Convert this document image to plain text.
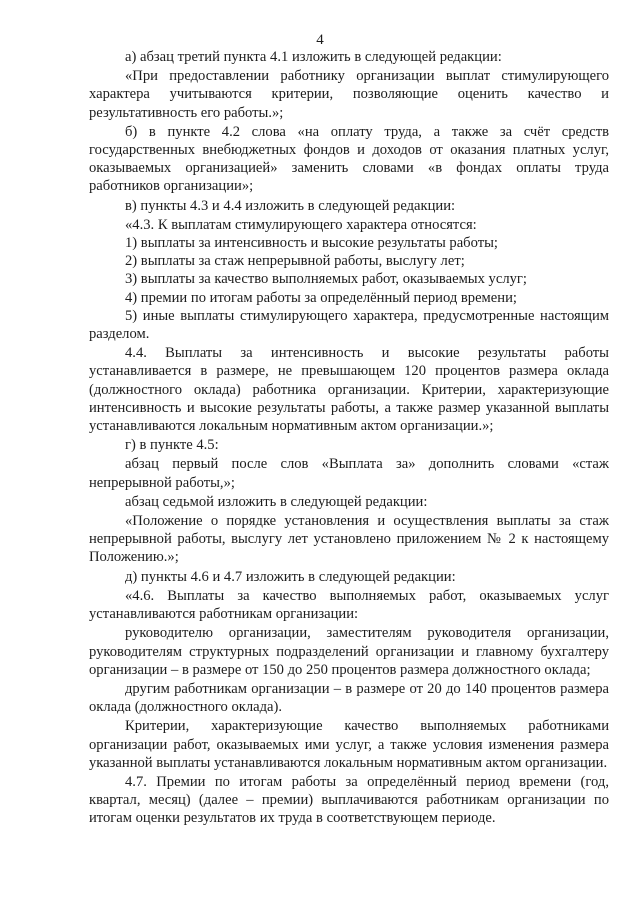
4

а) абзац третий пункта 4.1 изложить в следующей редакции:

«При предоставлении работнику организации выплат стимулирующего характера учитываются критерии, позволяющие оценить качество и результативность его работы.»;

б) в пункте 4.2 слова «на оплату труда, а также за счёт средств государственных внебюджетных фондов и доходов от оказания платных услуг, оказываемых организацией» заменить словами «в фондах оплаты труда работников организации»;

в) пункты 4.3 и 4.4 изложить в следующей редакции:

«4.3. К выплатам стимулирующего характера относятся:

1) выплаты за интенсивность и высокие результаты работы;

2) выплаты за стаж непрерывной работы, выслугу лет;

3) выплаты за качество выполняемых работ, оказываемых услуг;

4) премии по итогам работы за определённый период времени;

5) иные выплаты стимулирующего характера, предусмотренные настоящим разделом.

4.4. Выплаты за интенсивность и высокие результаты работы устанавливается в размере, не превышающем 120 процентов размера оклада (должностного оклада) работника организации. Критерии, характеризующие интенсивность и высокие результаты работы, а также размер указанной выплаты устанавливаются локальным нормативным актом организации.»;

г) в пункте 4.5:

абзац первый после слов «Выплата за» дополнить словами «стаж непрерывной работы,»;

абзац седьмой изложить в следующей редакции:

«Положение о порядке установления и осуществления выплаты за стаж непрерывной работы, выслугу лет установлено приложением № 2 к настоящему Положению.»;

д) пункты 4.6 и 4.7 изложить в следующей редакции:

«4.6. Выплаты за качество выполняемых работ, оказываемых услуг устанавливаются работникам организации:

руководителю организации, заместителям руководителя организации, руководителям структурных подразделений организации и главному бухгалтеру организации – в размере от 150 до 250 процентов размера должностного оклада;

другим работникам организации – в размере от 20 до 140 процентов размера оклада (должностного оклада).

Критерии, характеризующие качество выполняемых работниками организации работ, оказываемых ими услуг, а также условия изменения размера указанной выплаты устанавливаются локальным нормативным актом организации.

4.7. Премии по итогам работы за определённый период времени (год, квартал, месяц) (далее – премии) выплачиваются работникам организации по итогам оценки результатов их труда в соответствующем периоде.
